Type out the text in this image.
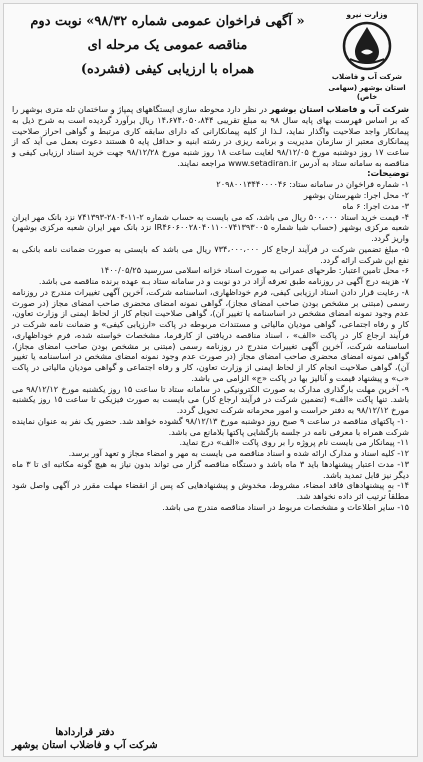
وزارت نیرو
شرکت آب و فاضلاب
استان بوشهر (سهامی خاص)
« آگهی فراخوان عمومی شماره ۹۸/۳۲» نوبت دوم
مناقصه عمومی یک مرحله ای
همراه با ارزیابی کیفی (فشرده)

شرکت آب و فاضلاب استان بوشهر در نظر دارد محوطه سازی ایستگاههای پمپاژ و ساختمان تله متری بوشهر را که بر اساس فهرست بهای پایه سال ۹۸ به مبلغ تقریبی ۱۴،۶۷۴،۰۵۰،۸۴۴ ریال برآورد گردیده است به شرح ذیل به پیمانکار واجد صلاحیت واگذار نماید، لـذا از کلیه پیمانکارانی که دارای سابقه کاری مرتبط و گواهی احراز صلاحیت پیمانکاری معتبر از سازمان مدیریت و برنامه ریزی در رشته ابنیه و حداقل پایه ۵ هستند دعوت بعمل می آید که از ساعت ۱۷ روز دوشنبه مورخ ۹۸/۱۲/۰۵ لغایت ساعت ۱۸ روز شنبه مورخ ۹۸/۱۲/۲۸ جهت خرید اسناد ارزیابی کیفی و مناقصه به سامانه ستاد به آدرس www.setadiran.ir مراجعه نمایند.

توضیحات:

۱- شماره فراخوان در سامانه ستاد: ۲۰۹۸۰۰۱۳۴۴۰۰۰۰۴۶

۲- محل اجرا: شهرستان بوشهر

۳- مدت اجرا: ۶ ماه

۴- قیمت خرید اسناد ۵۰۰،۰۰۰ ریال می باشد، که می بایست به حساب شماره ۲-۱۱-۲۸۰۴-۷۴۱۳۹۳ نزد بانک مهر ایران شعبه مرکزی بوشهر (حساب شبا شماره IR۴۶۰۶۰۰۲۸۰۴۰۱۱۰۰۷۴۱۳۹۳۰۰۵ نزد بانک مهر ایران شعبه مرکزی بوشهر) واریز گردد.

۵- مبلغ تضمین شرکت در فرآیند ارجاع کار ۷۳۴،۰۰۰،۰۰۰ ریال می باشد که بایستی به صورت ضمانت نامه بانکی به نفع این شرکت ارائه گردد.

۶- محل تامین اعتبار: طرحهای عمرانی به صورت اسناد خزانه اسلامی سررسید ۱۴۰۰/۰۵/۲۵

۷- هزینه درج آگهی در روزنامه طبق تعرفه آزاد در دو نوبت و در سامانه ستاد بـه عهده برنده مناقصه می باشد.

۸- رعایت قرار دادن اسناد ارزیابی کیفی، فرم خوداظهاری، اساسنامه شرکت، آخرین آگهی تغییرات مندرج در روزنامه رسمی (مبتنی بر مشخص بودن صاحب امضای مجاز)، گواهی نمونه امضای محضری صاحب امضای مجاز (در صورت عدم وجود نمونه امضای مشخص در اساسنامه یا تغییر آن)، گواهی صلاحیت انجام کار از لحاظ ایمنی از وزارت تعاون، کار و رفاه اجتماعی، گواهی مودیان مالیاتی و مستندات مربوطه در پاکت «ارزیابی کیفی» و ضمانت نامه شرکت در فرآیند ارجاع کار در پاکت «الف» ، اسناد مناقصه دریافتی از کارفرما، مشخصات خواسته شده، فرم خوداظهاری، اساسنامه شرکت، آخرین آگهی تغییرات مندرج در روزنامه رسمی (مبتنی بر مشخص بودن صاحب امضای مجاز)، گواهی نمونه امضای محضری صاحب امضای مجاز (در صورت عدم وجود نمونه امضای مشخص در اساسنامه یا تغییر آن)، گواهی صلاحیت انجام کار از لحاظ ایمنی از وزارت تعاون، کار و رفاه اجتماعی و گواهی مودیان مالیاتی در پاکت «ب» و پیشنهاد قیمت و آنالیز بها در پاکت «ج» الزامی می باشد.

۹- آخرین مهلت بارگذاری مدارک به صورت الکترونیکی در سامانه ستاد تا ساعت ۱۵ روز یکشنبه مورخ ۹۸/۱۲/۱۲ می باشد. تنها پاکت «الف» (تضمین شرکت در فرآیند ارجاع کار) می بایست به صورت فیزیکی تا ساعت ۱۵ روز یکشنبه مورخ ۹۸/۱۲/۱۲ به دفتر حراست و امور محرمانه شرکت تحویل گردد.

۱۰- پاکتهای مناقصه در ساعت ۹ صبح روز دوشنبه مورخ ۹۸/۱۲/۱۳ گشوده خواهد شد. حضور یک نفر به عنوان نماینده شرکت همراه با معرفی نامه در جلسه بازگشایی پاکتها بلامانع می باشد.

۱۱- پیمانکار می بایست نام پروژه را بر روی پاکت «الف» درج نماید.

۱۲- کلیه اسناد و مدارک ارائه شده و اسناد مناقصه می بایست به مهر و امضاء مجاز و تعهد آور برسد.

۱۳- مدت اعتبار پیشنهادها باید ۳ ماه باشد و دستگاه مناقصه گزار می تواند بدون نیاز به هیچ گونه مکاتبه ای تا ۳ ماه دیگر نیز قابل تمدید باشد.

۱۴- به پیشنهادهای فاقد امضاء، مشروط، مخدوش و پیشنهادهایی که پس از انقضاء مهلت مقرر در آگهی واصل شود مطلقاً ترتیب اثر داده نخواهد شد.

۱۵- سایر اطلاعات و مشخصات مربوط در اسناد مناقصه مندرج می باشد.

دفتر قراردادها
شرکت آب و فاضلاب استان بوشهر
